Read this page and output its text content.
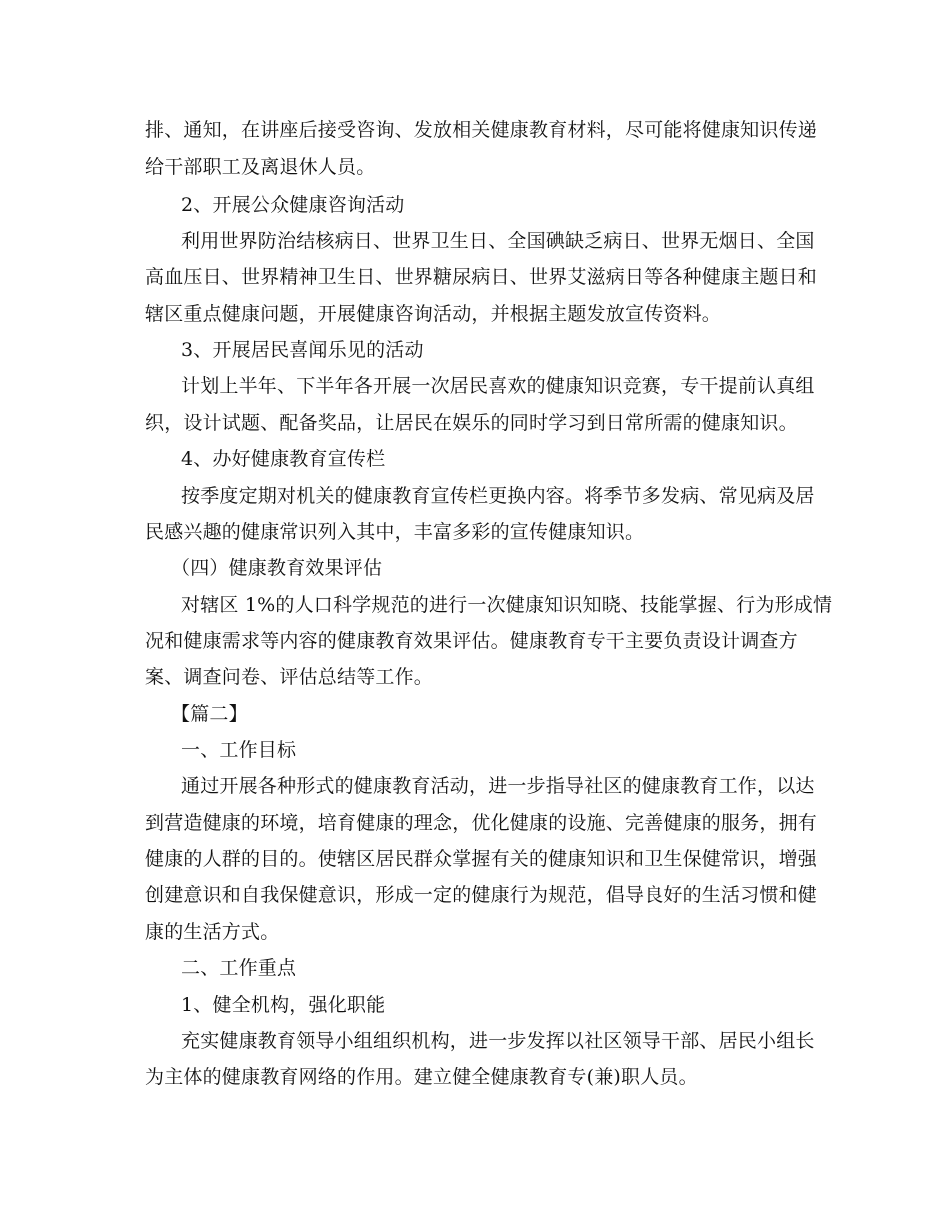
排、通知，在讲座后接受咨询、发放相关健康教育材料，尽可能将健康知识传递
给干部职工及离退休人员。
2、开展公众健康咨询活动
利用世界防治结核病日、世界卫生日、全国碘缺乏病日、世界无烟日、全国
高血压日、世界精神卫生日、世界糖尿病日、世界艾滋病日等各种健康主题日和
辖区重点健康问题，开展健康咨询活动，并根据主题发放宣传资料。
3、开展居民喜闻乐见的活动
计划上半年、下半年各开展一次居民喜欢的健康知识竞赛，专干提前认真组
织，设计试题、配备奖品，让居民在娱乐的同时学习到日常所需的健康知识。
4、办好健康教育宣传栏
按季度定期对机关的健康教育宣传栏更换内容。将季节多发病、常见病及居
民感兴趣的健康常识列入其中，丰富多彩的宣传健康知识。
（四）健康教育效果评估
对辖区 1%的人口科学规范的进行一次健康知识知晓、技能掌握、行为形成情
况和健康需求等内容的健康教育效果评估。健康教育专干主要负责设计调查方
案、调查问卷、评估总结等工作。
【篇二】
一、工作目标
通过开展各种形式的健康教育活动，进一步指导社区的健康教育工作，以达
到营造健康的环境，培育健康的理念，优化健康的设施、完善健康的服务，拥有
健康的人群的目的。使辖区居民群众掌握有关的健康知识和卫生保健常识，增强
创建意识和自我保健意识，形成一定的健康行为规范，倡导良好的生活习惯和健
康的生活方式。
二、工作重点
1、健全机构，强化职能
充实健康教育领导小组组织机构，进一步发挥以社区领导干部、居民小组长
为主体的健康教育网络的作用。建立健全健康教育专(兼)职人员。
